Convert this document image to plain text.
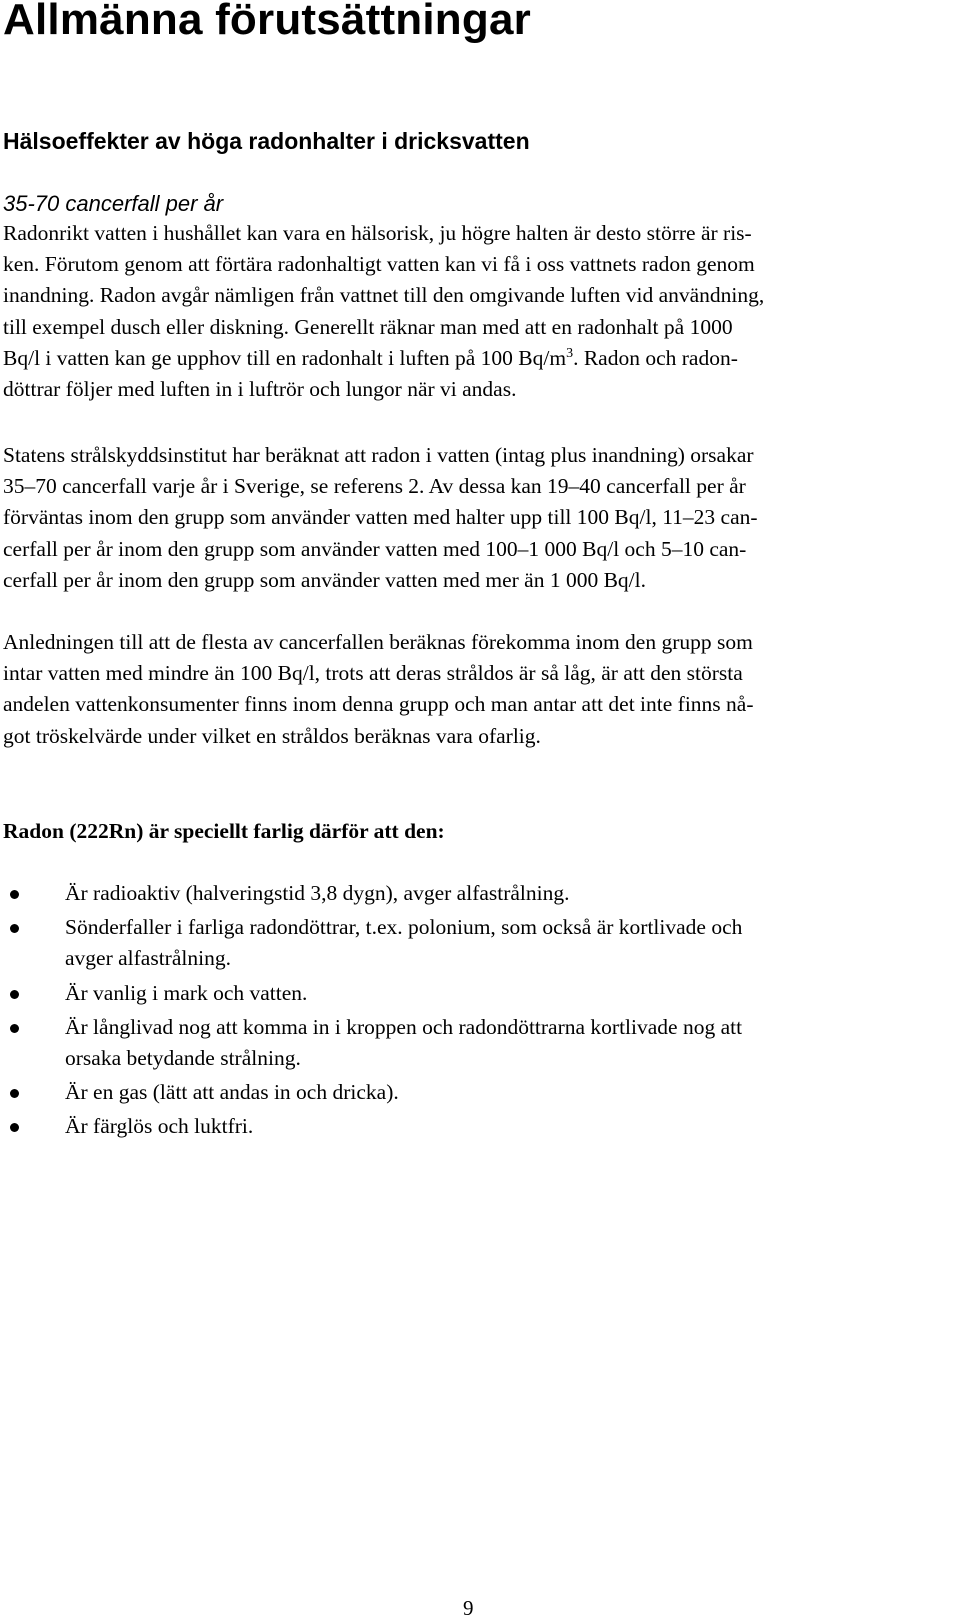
Allmänna förutsättningar
Hälsoeffekter av höga radonhalter i dricksvatten

35-70 cancerfall per år

Radonrikt vatten i hushållet kan vara en hälsorisk, ju högre halten är desto större är ris-
ken. Förutom genom att förtära radonhaltigt vatten kan vi få i oss vattnets radon genom
inandning. Radon avgår nämligen från vattnet till den omgivande luften vid användning,
till exempel dusch eller diskning. Generellt räknar man med att en radonhalt på 1000
Bq/l i vatten kan ge upphov till en radonhalt i luften på 100 $Bq/m^3$. Radon och radon-
döttrar följer med luften in i luftrör och lungor när vi andas.

Statens strålskyddsinstitut har beräknat att radon i vatten (intag plus inandning) orsakar
35–70 cancerfall varje år i Sverige, se referens 2. Av dessa kan 19–40 cancerfall per år
förväntas inom den grupp som använder vatten med halter upp till 100 Bq/l, 11–23 can-
cerfall per år inom den grupp som använder vatten med 100–1 000 Bq/l och 5–10 can-
cerfall per år inom den grupp som använder vatten med mer än 1 000 Bq/l.

Anledningen till att de flesta av cancerfallen beräknas förekomma inom den grupp som
intar vatten med mindre än 100 Bq/l, trots att deras stråldos är så låg, är att den största
andelen vattenkonsumenter finns inom denna grupp och man antar att det inte finns nå-
got tröskelvärde under vilket en stråldos beräknas vara ofarlig.

Radon (222Rn) är speciellt farlig därför att den:
Är radioaktiv (halveringstid 3,8 dygn), avger alfastrålning.
Sönderfaller i farliga radondöttrar, t.ex. polonium, som också är kortlivade och
avger alfastrålning.
Är vanlig i mark och vatten.
Är långlivad nog att komma in i kroppen och radondöttrarna kortlivade nog att
orsaka betydande strålning.
Är en gas (lätt att andas in och dricka).
Är färglös och luktfri.

9
